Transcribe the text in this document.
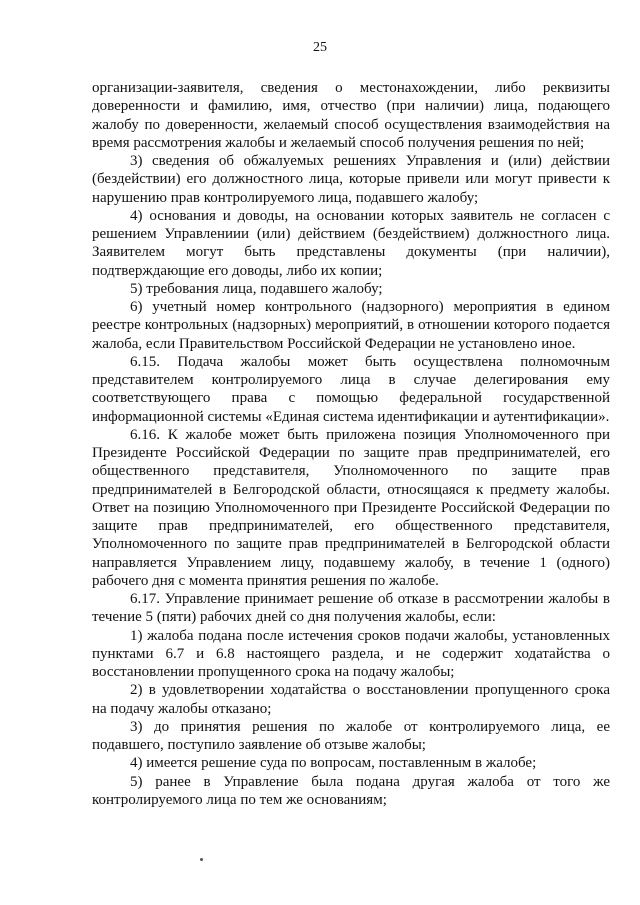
25

организации-заявителя, сведения о местонахождении, либо реквизиты доверенности и фамилию, имя, отчество (при наличии) лица, подающего жалобу по доверенности, желаемый способ осуществления взаимодействия на время рассмотрения жалобы и желаемый способ получения решения по ней;

3) сведения об обжалуемых решениях Управления и (или) действии (бездействии) его должностного лица, которые привели или могут привести к нарушению прав контролируемого лица, подавшего жалобу;

4) основания и доводы, на основании которых заявитель не согласен с решением Управлениии (или) действием (бездействием) должностного лица. Заявителем могут быть представлены документы (при наличии), подтверждающие его доводы, либо их копии;

5) требования лица, подавшего жалобу;

6) учетный номер контрольного (надзорного) мероприятия в едином реестре контрольных (надзорных) мероприятий, в отношении которого подается жалоба, если Правительством Российской Федерации не установлено иное.

6.15. Подача жалобы может быть осуществлена полномочным представителем контролируемого лица в случае делегирования ему соответствующего права с помощью федеральной государственной информационной системы «Единая система идентификации и аутентификации».

6.16. К жалобе может быть приложена позиция Уполномоченного при Президенте Российской Федерации по защите прав предпринимателей, его общественного представителя, Уполномоченного по защите прав предпринимателей в Белгородской области, относящаяся к предмету жалобы. Ответ на позицию Уполномоченного при Президенте Российской Федерации по защите прав предпринимателей, его общественного представителя, Уполномоченного по защите прав предпринимателей в Белгородской области направляется Управлением лицу, подавшему жалобу, в течение 1 (одного) рабочего дня с момента принятия решения по жалобе.

6.17. Управление принимает решение об отказе в рассмотрении жалобы в течение 5 (пяти) рабочих дней со дня получения жалобы, если:

1) жалоба подана после истечения сроков подачи жалобы, установленных пунктами 6.7 и 6.8 настоящего раздела, и не содержит ходатайства о восстановлении пропущенного срока на подачу жалобы;

2) в удовлетворении ходатайства о восстановлении пропущенного срока на подачу жалобы отказано;

3) до принятия решения по жалобе от контролируемого лица, ее подавшего, поступило заявление об отзыве жалобы;

4) имеется решение суда по вопросам, поставленным в жалобе;

5) ранее в Управление была подана другая жалоба от того же контролируемого лица по тем же основаниям;
